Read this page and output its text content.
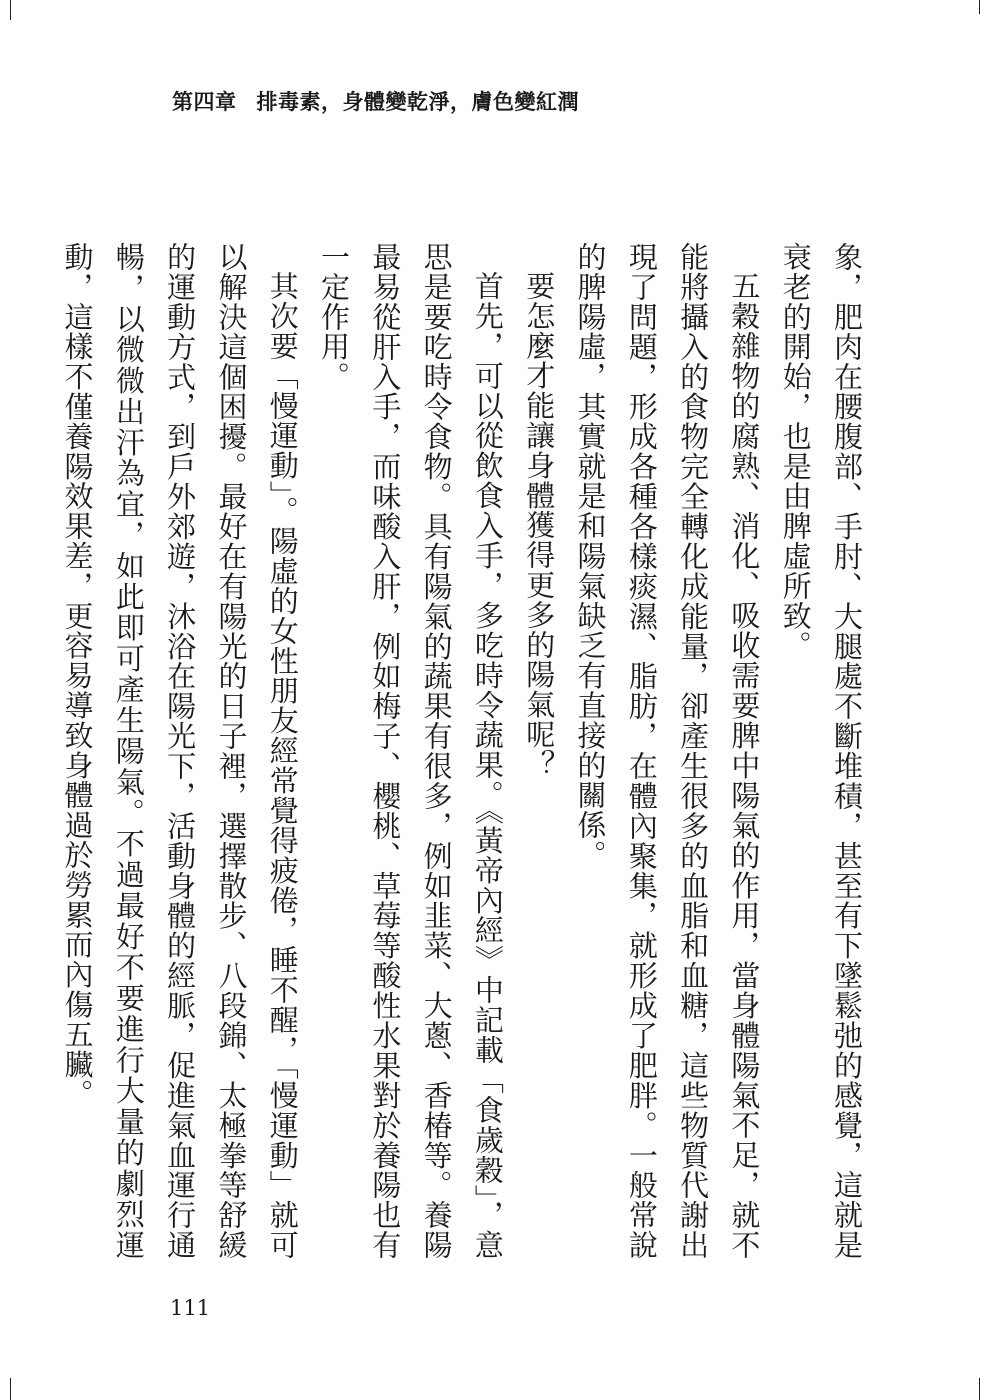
第四章 排毒素，身體變乾淨，膚色變紅潤

象，肥肉在腰腹部、手肘、大腿處不斷堆積，甚至有下墜鬆弛的感覺，這就是衰老的開始，也是由脾虛所致。

五穀雜物的腐熟、消化、吸收需要脾中陽氣的作用，當身體陽氣不足，就不能將攝入的食物完全轉化成能量，卻產生很多的血脂和血糖，這些物質代謝出現了問題，形成各種各樣痰濕、脂肪，在體內聚集，就形成了肥胖。一般常說的脾陽虛，其實就是和陽氣缺乏有直接的關係。

要怎麼才能讓身體獲得更多的陽氣呢？

首先，可以從飲食入手，多吃時令蔬果。《黃帝內經》中記載「食歲穀」，意思是要吃時令食物。具有陽氣的蔬果有很多，例如韭菜、大蔥、香椿等。養陽最易從肝入手，而味酸入肝，例如梅子、櫻桃、草莓等酸性水果對於養陽也有一定作用。

其次要「慢運動」。陽虛的女性朋友經常覺得疲倦，睡不醒，「慢運動」就可以解決這個困擾。最好在有陽光的日子裡，選擇散步、八段錦、太極拳等舒緩的運動方式，到戶外郊遊，沐浴在陽光下，活動身體的經脈，促進氣血運行通暢，以微微出汗為宜，如此即可產生陽氣。不過最好不要進行大量的劇烈運動，這樣不僅養陽效果差，更容易導致身體過於勞累而內傷五臟。

111
